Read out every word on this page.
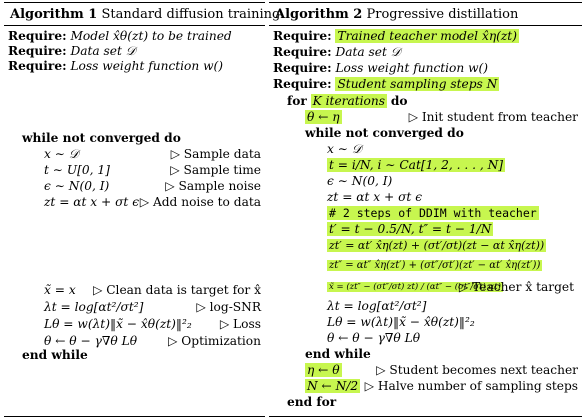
Algorithm 1 Standard diffusion training
Require: Model x̂θ(zt) to be trained
Require: Data set 𝒟
Require: Loss weight function w()
while not converged do
x ∼ 𝒟	▷ Sample data
t ∼ U[0, 1]	▷ Sample time
ϵ ∼ N(0, I)	▷ Sample noise
zt = αt x + σt ϵ ▷ Add noise to data
x̃ = x ▷ Clean data is target for x̂
λt = log[αt²/σt²]	▷ log-SNR
Lθ = w(λt)‖x̃ − x̂θ(zt)‖²₂ ▷ Loss
θ ← θ − γ∇θ Lθ	▷ Optimization
end while
Algorithm 2 Progressive distillation
Require: Trained teacher model x̂η(zt)
Require: Data set 𝒟
Require: Loss weight function w()
Require: Student sampling steps N
for K iterations do
θ ← η	▷ Init student from teacher
while not converged do
x ∼ 𝒟
t = i/N, i ∼ Cat[1, 2, . . . , N]
ϵ ∼ N(0, I)
zt = αt x + σt ϵ
# 2 steps of DDIM with teacher
t′ = t − 0.5/N, t″ = t − 1/N
zt′ = αt′ x̂η(zt) + (σt′/σt)(zt − αt x̂η(zt))
zt″ = αt″ x̂η(zt′) + (σt″/σt′)(zt′ − αt′ x̂η(zt′))
x̃ = (zt″ − (σt″/σt) zt) / (αt″ − (σt″/σt) αt)
▷ Teacher x̂ target
λt = log[αt²/σt²]
Lθ = w(λt)‖x̃ − x̂θ(zt)‖²₂
θ ← θ − γ∇θ Lθ
end while
η ← θ	▷ Student becomes next teacher
N ← N/2 ▷ Halve number of sampling steps
end for
